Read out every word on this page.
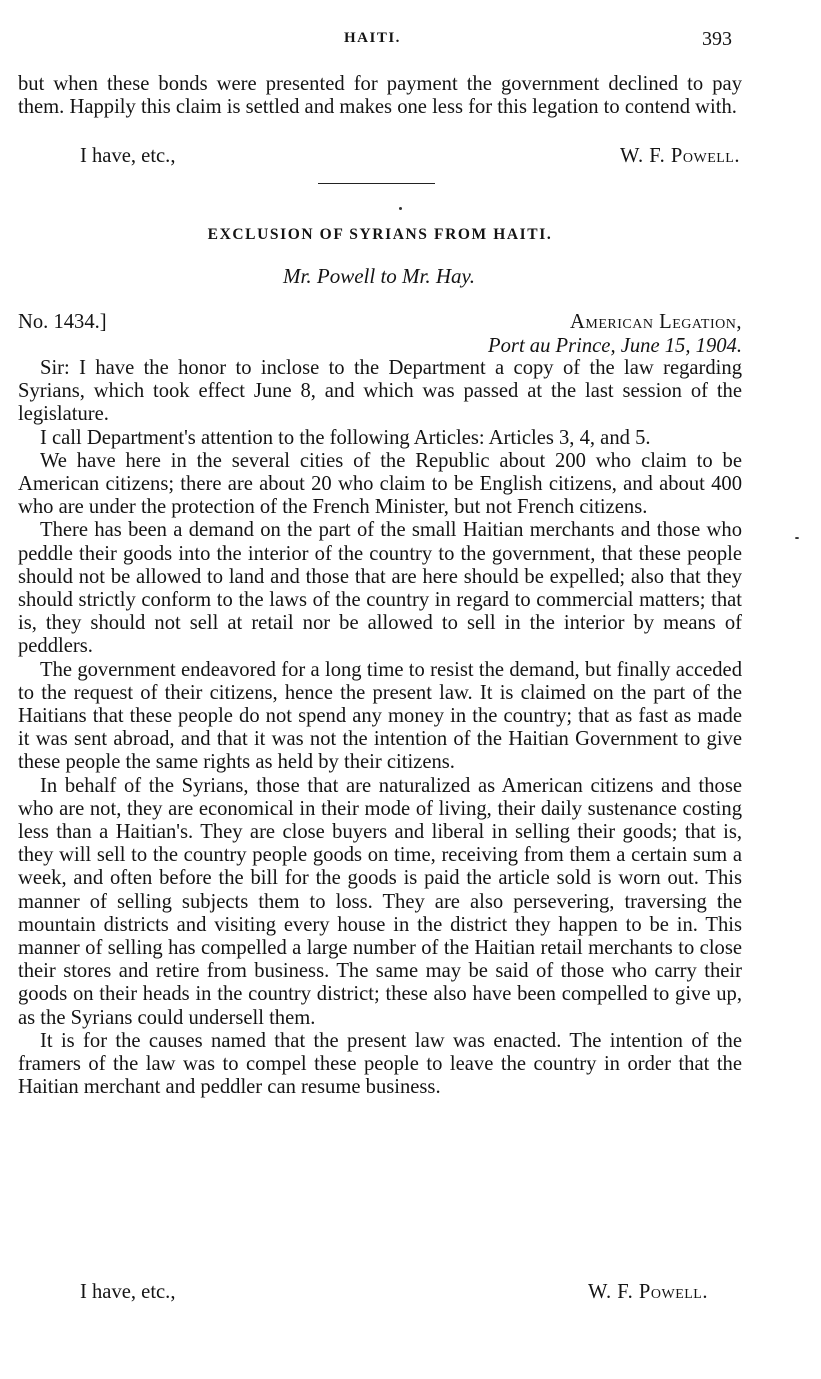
HAITI.	393

but when these bonds were presented for payment the government declined to pay them. Happily this claim is settled and makes one less for this legation to contend with.

I have, etc.,	W. F. Powell.
EXCLUSION OF SYRIANS FROM HAITI.
Mr. Powell to Mr. Hay.
No. 1434.]	American Legation,
Port au Prince, June 15, 1904.

Sir: I have the honor to inclose to the Department a copy of the law regarding Syrians, which took effect June 8, and which was passed at the last session of the legislature.

I call Department's attention to the following Articles: Articles 3, 4, and 5.

We have here in the several cities of the Republic about 200 who claim to be American citizens; there are about 20 who claim to be English citizens, and about 400 who are under the protection of the French Minister, but not French citizens.

There has been a demand on the part of the small Haitian merchants and those who peddle their goods into the interior of the country to the government, that these people should not be allowed to land and those that are here should be expelled; also that they should strictly conform to the laws of the country in regard to commercial matters; that is, they should not sell at retail nor be allowed to sell in the interior by means of peddlers.

The government endeavored for a long time to resist the demand, but finally acceded to the request of their citizens, hence the present law. It is claimed on the part of the Haitians that these people do not spend any money in the country; that as fast as made it was sent abroad, and that it was not the intention of the Haitian Government to give these people the same rights as held by their citizens.

In behalf of the Syrians, those that are naturalized as American citizens and those who are not, they are economical in their mode of living, their daily sustenance costing less than a Haitian's. They are close buyers and liberal in selling their goods; that is, they will sell to the country people goods on time, receiving from them a certain sum a week, and often before the bill for the goods is paid the article sold is worn out. This manner of selling subjects them to loss. They are also persevering, traversing the mountain districts and visiting every house in the district they happen to be in. This manner of selling has compelled a large number of the Haitian retail merchants to close their stores and retire from business. The same may be said of those who carry their goods on their heads in the country district; these also have been compelled to give up, as the Syrians could undersell them.

It is for the causes named that the present law was enacted. The intention of the framers of the law was to compel these people to leave the country in order that the Haitian merchant and peddler can resume business.

I have, etc.,	W. F. Powell.
